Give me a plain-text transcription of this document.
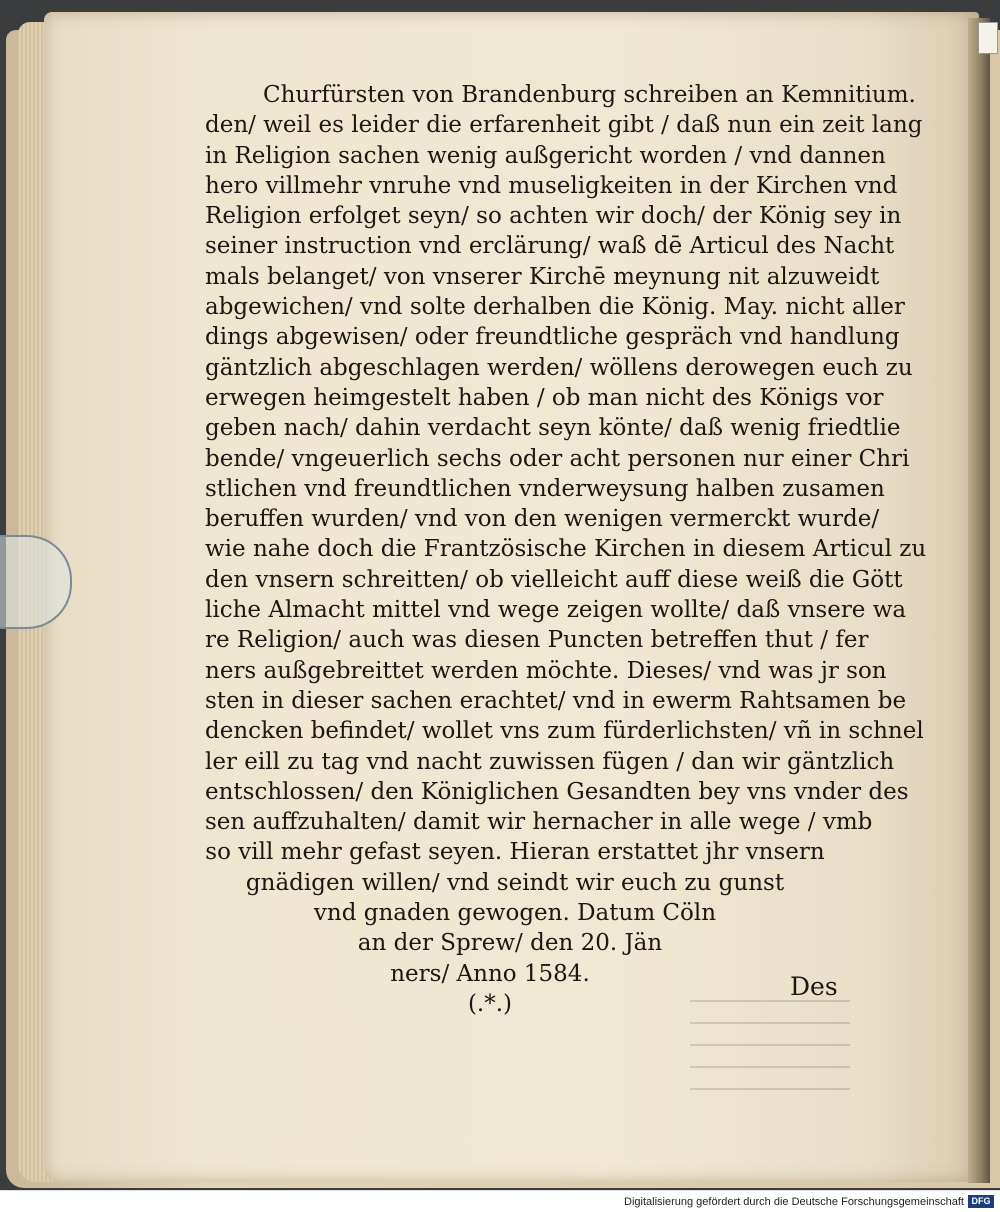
Churfürsten von Brandenburg schreiben an Kemnitium.
den/ weil es leider die erfarenheit gibt / daß nun ein zeit lang
in Religion sachen wenig außgericht worden / vnd dannen
hero villmehr vnruhe vnd museligkeiten in der Kirchen vnd
Religion erfolget seyn/ so achten wir doch/ der König sey in
seiner instruction vnd erclärung/ waß dē Articul des Nacht
mals belanget/ von vnserer Kirchē meynung nit alzuweidt
abgewichen/ vnd solte derhalben die König. May. nicht aller
dings abgewisen/ oder freundtliche gespräch vnd handlung
gäntzlich abgeschlagen werden/ wöllens derowegen euch zu
erwegen heimgestelt haben / ob man nicht des Königs vor
geben nach/ dahin verdacht seyn könte/ daß wenig friedtlie
bende/ vngeuerlich sechs oder acht personen nur einer Chri
stlichen vnd freundtlichen vnderweysung halben zusamen
beruffen wurden/ vnd von den wenigen vermerckt wurde/
wie nahe doch die Frantzösische Kirchen in diesem Articul zu
den vnsern schreitten/ ob vielleicht auff diese weiß die Gött
liche Almacht mittel vnd wege zeigen wollte/ daß vnsere wa
re Religion/ auch was diesen Puncten betreffen thut / fer
ners außgebreittet werden möchte. Dieses/ vnd was jr son
sten in dieser sachen erachtet/ vnd in ewerm Rahtsamen be
dencken befindet/ wollet vns zum fürderlichsten/ vñ in schnel
ler eill zu tag vnd nacht zuwissen fügen / dan wir gäntzlich
entschlossen/ den Königlichen Gesandten bey vns vnder des
sen auffzuhalten/ damit wir hernacher in alle wege / vmb
so vill mehr gefast seyen. Hieran erstattet jhr vnsern
gnädigen willen/ vnd seindt wir euch zu gunst
vnd gnaden gewogen. Datum Cöln
an der Sprew/ den 20. Jän
ners/ Anno 1584.
(.*.)
Des
Digitalisierung gefördert durch die Deutsche Forschungsgemeinschaft DFG
